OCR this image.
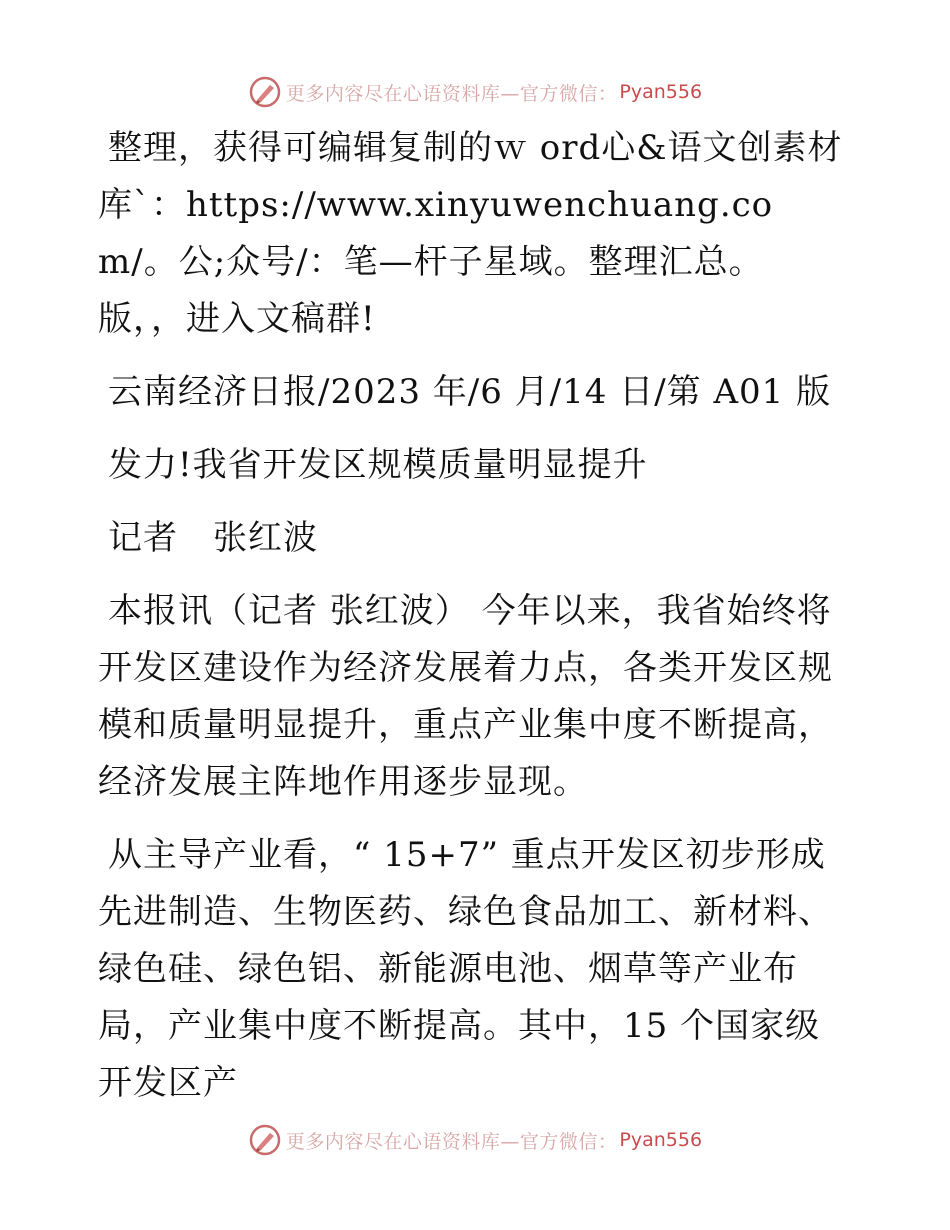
更多内容尽在心语资料库—官方微信： Pyan556

整理，获得可编辑复制的ｗ ord心&语文创素材库`：https://www.xinyuwenchuang.com/。公;众号/：笔—杆子星域。整理汇总。版，，进入文稿群!

云南经济日报/2023 年/6 月/14 日/第 A01 版

发力!我省开发区规模质量明显提升

记者　张红波

本报讯（记者 张红波） 今年以来，我省始终将开发区建设作为经济发展着力点，各类开发区规模和质量明显提升，重点产业集中度不断提高，经济发展主阵地作用逐步显现。

从主导产业看，“ 15+7” 重点开发区初步形成先进制造、生物医药、绿色食品加工、新材料、绿色硅、绿色铝、新能源电池、烟草等产业布局，产业集中度不断提高。其中，15 个国家级开发区产

更多内容尽在心语资料库—官方微信： Pyan556
